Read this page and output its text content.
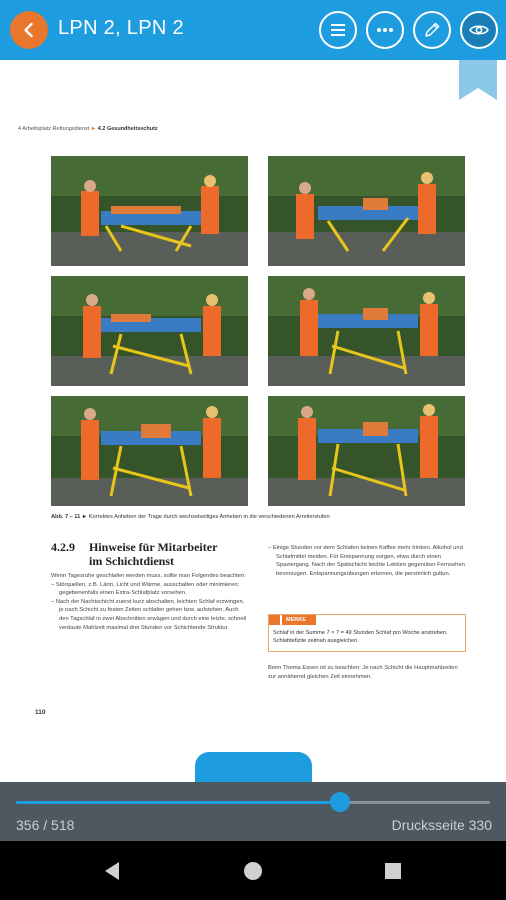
LPN 2, LPN 2
4 Arbeitsplatz Rettungsdienst ► 4.2 Gesundheitsschutz
Abb. 7 – 11 ► Korrektes Anheben der Trage durch wechselseitiges Anheben in die verschiedenen Arretierstufen
4.2.9 Hinweise für Mitarbeiter
im Schichtdienst

Wenn Tagesruhe geschlafen werden muss, sollte man Folgendes beachten:

– Störquellen, z.B. Lärm, Licht und Wärme, ausschalten oder minimieren; gegebenenfalls einen Extra-Schlafplatz vorsehen.

– Nach der Nachtschicht zuerst kurz abschalten, leichten Schlaf erzwingen, je nach Schicht zu festen Zeiten schlafen gehen bzw. aufstehen. Auch den Tagschlaf in zwei Abschnitten erwägen und durch eine letzte, schnell verdaute Mahlzeit maximal drei Stunden vor Schichtende Struktur.

– Einige Stunden vor dem Schlafen keinen Kaffee mehr trinken. Alkohol und Schlafmittel meiden. Für Entspannung sorgen, etwa durch einen Spaziergang. Nach der Spätschicht leichte Lektüre gegenüber Fernsehen bevorzugen. Entspannungsübungen erlernen, die persönlich guttun.

MERKE
Schlaf in der Summe 7 × 7 = 49 Stunden Schlaf pro Woche anstreben. Schlafdefizite zeitnah ausgleichen.

Beim Thema Essen ist zu beachten: Je nach Schicht die Hauptmahlzeiten zur annähernd gleichen Zeit einnehmen.

110
356 / 518	Drucksseite 330
